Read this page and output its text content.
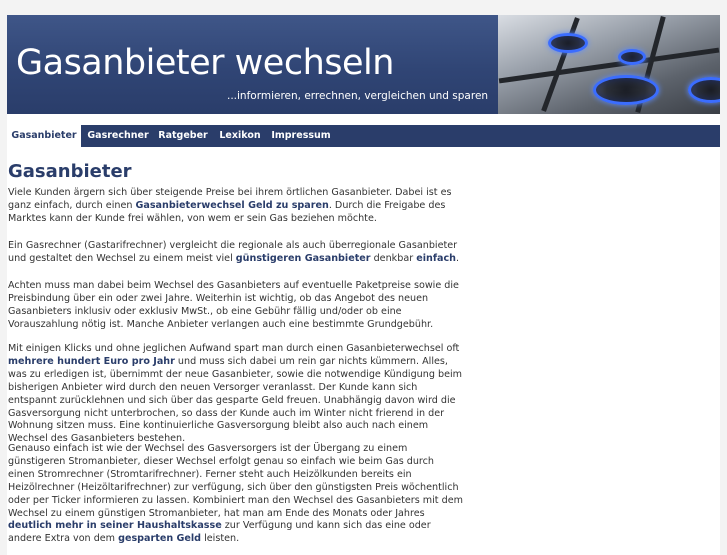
Gasanbieter wechseln
...informieren, errechnen, vergleichen und sparen
Gasanbieter	Gasrechner	Ratgeber	Lexikon	Impressum
Gasanbieter
Viele Kunden ärgern sich über steigende Preise bei ihrem örtlichen Gasanbieter. Dabei ist es ganz einfach, durch einen Gasanbieterwechsel Geld zu sparen. Durch die Freigabe des Marktes kann der Kunde frei wählen, von wem er sein Gas beziehen möchte.
Ein Gasrechner (Gastarifrechner) vergleicht die regionale als auch überregionale Gasanbieter und gestaltet den Wechsel zu einem meist viel günstigeren Gasanbieter denkbar einfach.
Achten muss man dabei beim Wechsel des Gasanbieters auf eventuelle Paketpreise sowie die Preisbindung über ein oder zwei Jahre. Weiterhin ist wichtig, ob das Angebot des neuen Gasanbieters inklusiv oder exklusiv MwSt., ob eine Gebühr fällig und/oder ob eine Vorauszahlung nötig ist. Manche Anbieter verlangen auch eine bestimmte Grundgebühr.
Mit einigen Klicks und ohne jeglichen Aufwand spart man durch einen Gasanbieterwechsel oft mehrere hundert Euro pro Jahr und muss sich dabei um rein gar nichts kümmern. Alles, was zu erledigen ist, übernimmt der neue Gasanbieter, sowie die notwendige Kündigung beim bisherigen Anbieter wird durch den neuen Versorger veranlasst. Der Kunde kann sich entspannt zurücklehnen und sich über das gesparte Geld freuen. Unabhängig davon wird die Gasversorgung nicht unterbrochen, so dass der Kunde auch im Winter nicht frierend in der Wohnung sitzen muss. Eine kontinuierliche Gasversorgung bleibt also auch nach einem Wechsel des Gasanbieters bestehen.
Genauso einfach ist wie der Wechsel des Gasversorgers ist der Übergang zu einem günstigeren Stromanbieter, dieser Wechsel erfolgt genau so einfach wie beim Gas durch einen Stromrechner (Stromtarifrechner). Ferner steht auch Heizölkunden bereits ein Heizölrechner (Heizöltarifrechner) zur verfügung, sich über den günstigsten Preis wöchentlich oder per Ticker informieren zu lassen. Kombiniert man den Wechsel des Gasanbieters mit dem Wechsel zu einem günstigen Stromanbieter, hat man am Ende des Monats oder Jahres deutlich mehr in seiner Haushaltskasse zur Verfügung und kann sich das eine oder andere Extra von dem gesparten Geld leisten.
